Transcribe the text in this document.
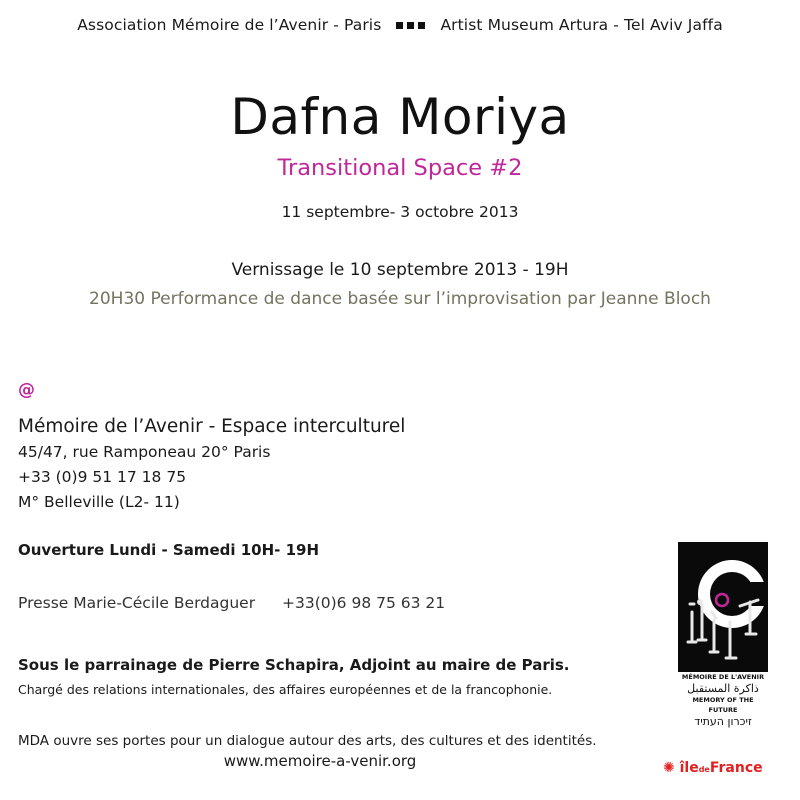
Association Mémoire de l’Avenir - Paris	Artist Museum Artura - Tel Aviv Jaffa
Dafna Moriya
Transitional Space #2
11 septembre- 3 octobre 2013
Vernissage le 10 septembre 2013 - 19H
20H30 Performance de dance basée sur l’improvisation par Jeanne Bloch
@
Mémoire de l’Avenir - Espace interculturel
45/47, rue Ramponeau 20° Paris
+33 (0)9 51 17 18 75
M° Belleville (L2- 11)
Ouverture Lundi - Samedi 10H- 19H
Presse Marie-Cécile Berdaguer +33(0)6 98 75 63 21
Sous le parrainage de Pierre Schapira, Adjoint au maire de Paris.
Chargé des relations internationales, des affaires européennes et de la francophonie.
MDA ouvre ses portes pour un dialogue autour des arts, des cultures et des identités.
www.memoire-a-venir.org
MÉMOIRE DE L'AVENIR
ذاكرة المستقبل
MEMORY OF THE FUTURE
זיכרון העתיד
✺ îledeFrance
